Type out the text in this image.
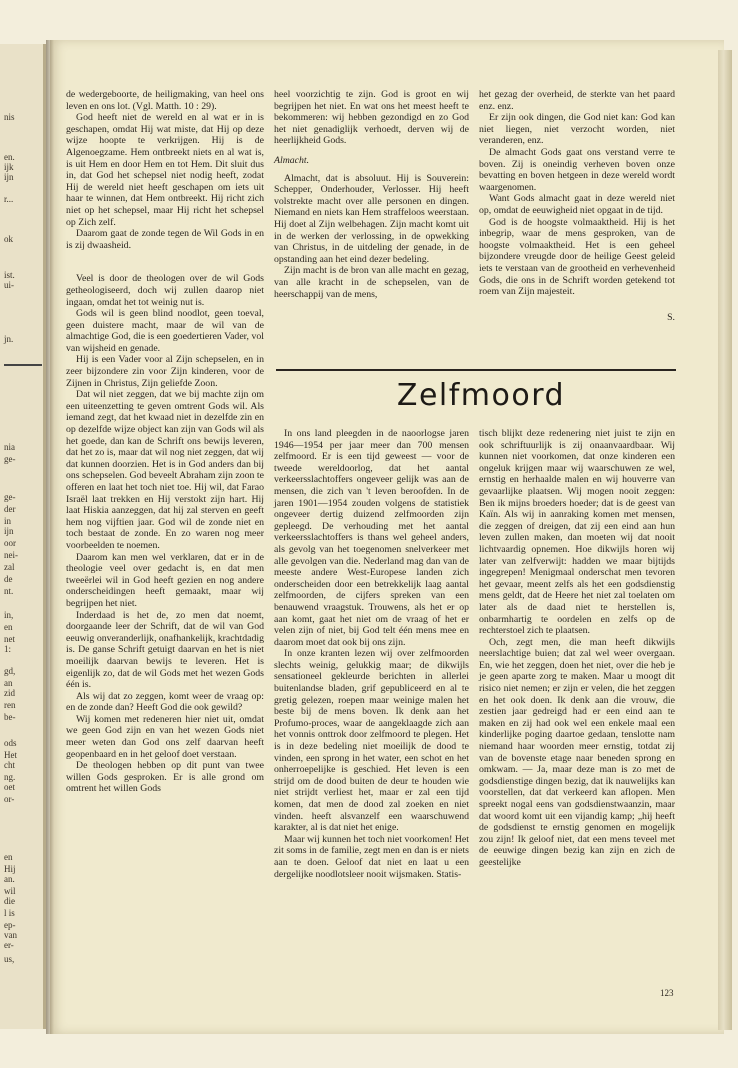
nis
en.
ijk
ijn
r...
ok
ist.
ui-
jn.
nia
ge-
ge-
der
in
ijn
oor
nei-
zal
de
nt.
in,
en
net
1:
gd,
an
zid
ren
be-
ods
Het
cht
ng.
oet
or-
en
Hij
an.
wil
die
l is
ep-
van
er-
us,

de wedergeboorte, de heiligmaking, van heel ons leven en ons lot. (Vgl. Matth. 10 : 29).

God heeft niet de wereld en al wat er in is geschapen, omdat Hij wat miste, dat Hij op deze wijze hoopte te verkrijgen. Hij is de Algenoegzame. Hem ontbreekt niets en al wat is, is uit Hem en door Hem en tot Hem. Dit sluit dus in, dat God het schepsel niet nodig heeft, zodat Hij de wereld niet heeft geschapen om iets uit haar te winnen, dat Hem ontbreekt. Hij richt zich niet op het schepsel, maar Hij richt het schepsel op Zich zelf.

Daarom gaat de zonde tegen de Wil Gods in en is zij dwaasheid.

Veel is door de theologen over de wil Gods getheologiseerd, doch wij zullen daarop niet ingaan, omdat het tot weinig nut is.

Gods wil is geen blind noodlot, geen toeval, geen duistere macht, maar de wil van de almachtige God, die is een goedertieren Vader, vol van wijsheid en genade.

Hij is een Vader voor al Zijn schepselen, en in zeer bijzondere zin voor Zijn kinderen, voor de Zijnen in Christus, Zijn geliefde Zoon.

Dat wil niet zeggen, dat we bij machte zijn om een uiteenzetting te geven omtrent Gods wil. Als iemand zegt, dat het kwaad niet in dezelfde zin en op dezelfde wijze object kan zijn van Gods wil als het goede, dan kan de Schrift ons bewijs leveren, dat het zo is, maar dat wil nog niet zeggen, dat wij dat kunnen doorzien. Het is in God anders dan bij ons schepselen. God beveelt Abraham zijn zoon te offeren en laat het toch niet toe. Hij wil, dat Farao Israël laat trekken en Hij verstokt zijn hart. Hij laat Hiskia aanzeggen, dat hij zal sterven en geeft hem nog vijftien jaar. God wil de zonde niet en toch bestaat de zonde. En zo waren nog meer voorbeelden te noemen.

Daarom kan men wel verklaren, dat er in de theologie veel over gedacht is, en dat men tweeërlei wil in God heeft gezien en nog andere onderscheidingen heeft gemaakt, maar wij begrijpen het niet.

Inderdaad is het de, zo men dat noemt, doorgaande leer der Schrift, dat de wil van God eeuwig onveranderlijk, onafhankelijk, krachtdadig is. De ganse Schrift getuigt daarvan en het is niet moeilijk daarvan bewijs te leveren. Het is eigenlijk zo, dat de wil Gods met het wezen Gods één is.

Als wij dat zo zeggen, komt weer de vraag op: en de zonde dan? Heeft God die ook gewild?

Wij komen met redeneren hier niet uit, omdat we geen God zijn en van het wezen Gods niet meer weten dan God ons zelf daarvan heeft geopenbaard en in het geloof doet verstaan.

De theologen hebben op dit punt van twee willen Gods gesproken. Er is alle grond om omtrent het willen Gods

heel voorzichtig te zijn. God is groot en wij begrijpen het niet. En wat ons het meest heeft te bekommeren: wij hebben gezondigd en zo God het niet genadiglijk verhoedt, derven wij de heerlijkheid Gods.

Almacht.

Almacht, dat is absoluut. Hij is Souverein: Schepper, Onderhouder, Verlosser. Hij heeft volstrekte macht over alle personen en dingen. Niemand en niets kan Hem straffeloos weerstaan. Hij doet al Zijn welbehagen. Zijn macht komt uit in de werken der verlossing, in de opwekking van Christus, in de uitdeling der genade, in de opstanding aan het eind dezer bedeling.

Zijn macht is de bron van alle macht en gezag, van alle kracht in de schepselen, van de heerschappij van de mens,

het gezag der overheid, de sterkte van het paard enz. enz.

Er zijn ook dingen, die God niet kan: God kan niet liegen, niet verzocht worden, niet veranderen, enz.

De almacht Gods gaat ons verstand verre te boven. Zij is oneindig verheven boven onze bevatting en boven hetgeen in deze wereld wordt waargenomen.

Want Gods almacht gaat in deze wereld niet op, omdat de eeuwigheid niet opgaat in de tijd.

God is de hoogste volmaaktheid. Hij is het inbegrip, waar de mens gesproken, van de hoogste volmaaktheid. Het is een geheel bijzondere vreugde door de heilige Geest geleid iets te verstaan van de grootheid en verhevenheid Gods, die ons in de Schrift worden getekend tot roem van Zijn majesteit.

S.

Zelfmoord

In ons land pleegden in de naoorlogse jaren 1946—1954 per jaar meer dan 700 mensen zelfmoord. Er is een tijd geweest — voor de tweede wereldoorlog, dat het aantal verkeersslachtoffers ongeveer gelijk was aan de mensen, die zich van 't leven beroofden. In de jaren 1901—1954 zouden volgens de statistiek ongeveer dertig duizend zelfmoorden zijn gepleegd. De verhouding met het aantal verkeersslachtoffers is thans wel geheel anders, als gevolg van het toegenomen snelverkeer met alle gevolgen van die. Nederland mag dan van de meeste andere West-Europese landen zich onderscheiden door een betrekkelijk laag aantal zelfmoorden, de cijfers spreken van een benauwend vraagstuk. Trouwens, als het er op aan komt, gaat het niet om de vraag of het er velen zijn of niet, bij God telt één mens mee en daarom moet dat ook bij ons zijn.

In onze kranten lezen wij over zelfmoorden slechts weinig, gelukkig maar; de dikwijls sensationeel gekleurde berichten in allerlei buitenlandse bladen, grif gepubliceerd en al te gretig gelezen, roepen maar weinige malen het beste bij de mens boven. Ik denk aan het Profumo-proces, waar de aangeklaagde zich aan het vonnis onttrok door zelfmoord te plegen. Het is in deze bedeling niet moeilijk de dood te vinden, een sprong in het water, een schot en het onherroepelijke is geschied. Het leven is een strijd om de dood buiten de deur te houden wie niet strijdt verliest het, maar er zal een tijd komen, dat men de dood zal zoeken en niet vinden. heeft alsvanzelf een waarschuwend karakter, al is dat niet het enige.

Maar wij kunnen het toch niet voorkomen! Het zit soms in de familie, zegt men en dan is er niets aan te doen. Geloof dat niet en laat u een dergelijke noodlotsleer nooit wijsmaken. Statis-

tisch blijkt deze redenering niet juist te zijn en ook schriftuurlijk is zij onaanvaardbaar. Wij kunnen niet voorkomen, dat onze kinderen een ongeluk krijgen maar wij waarschuwen ze wel, ernstig en herhaalde malen en wij houverre van gevaarlijke plaatsen. Wij mogen nooit zeggen: Ben ik mijns broeders hoeder; dat is de geest van Kaïn. Als wij in aanraking komen met mensen, die zeggen of dreigen, dat zij een eind aan hun leven zullen maken, dan moeten wij dat nooit lichtvaardig opnemen. Hoe dikwijls horen wij later van zelfverwijt: hadden we maar bijtijds ingegrepen! Menigmaal onderschat men tevoren het gevaar, meent zelfs als het een godsdienstig mens geldt, dat de Heere het niet zal toelaten om later als de daad niet te herstellen is, onbarmhartig te oordelen en zelfs op de rechterstoel zich te plaatsen.

Och, zegt men, die man heeft dikwijls neerslachtige buien; dat zal wel weer overgaan. En, wie het zeggen, doen het niet, over die heb je je geen aparte zorg te maken. Maar u moogt dit risico niet nemen; er zijn er velen, die het zeggen en het ook doen. Ik denk aan die vrouw, die zestien jaar gedreigd had er een eind aan te maken en zij had ook wel een enkele maal een kinderlijke poging daartoe gedaan, tenslotte nam niemand haar woorden meer ernstig, totdat zij van de bovenste etage naar beneden sprong en omkwam. — Ja, maar deze man is zo met de godsdienstige dingen bezig, dat ik nauwelijks kan voorstellen, dat dat verkeerd kan aflopen. Men spreekt nogal eens van godsdienstwaanzin, maar dat woord komt uit een vijandig kamp; „hij heeft de godsdienst te ernstig genomen en mogelijk zou zijn! Ik geloof niet, dat een mens teveel met de eeuwige dingen bezig kan zijn en zich de geestelijke

123
